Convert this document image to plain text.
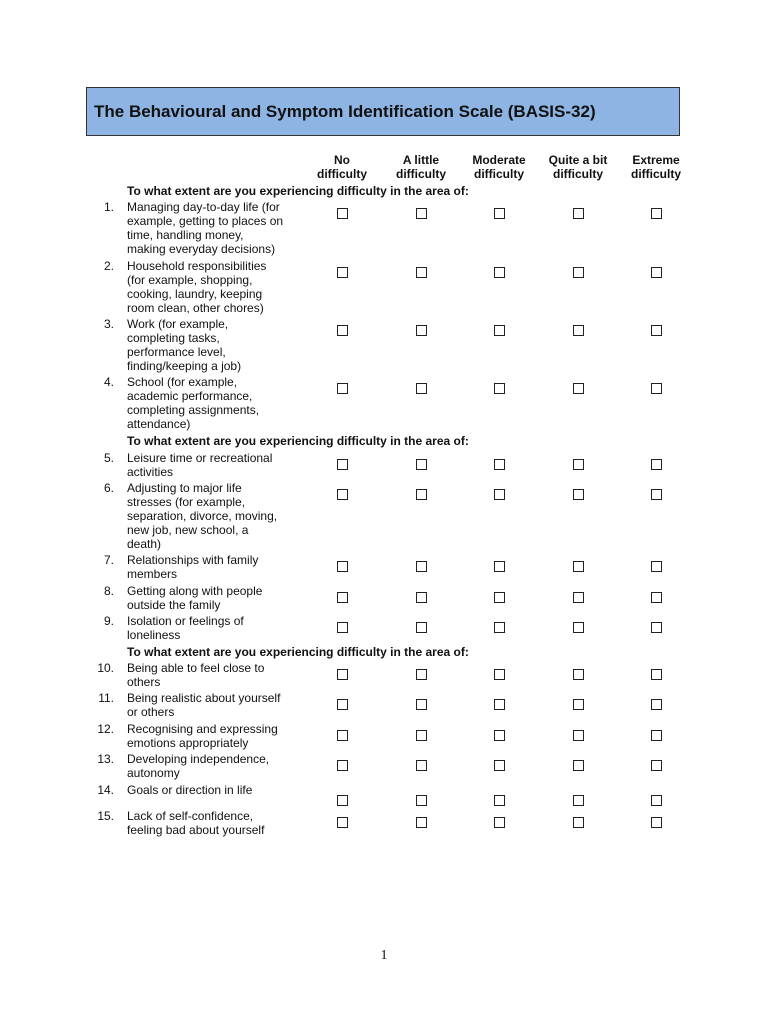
The Behavioural and Symptom Identification Scale (BASIS-32)
No
difficulty
A little
difficulty
Moderate
difficulty
Quite a bit
difficulty
Extreme
difficulty
To what extent are you experiencing difficulty in the area of:
To what extent are you experiencing difficulty in the area of:
To what extent are you experiencing difficulty in the area of:
1. Managing day-to-day life (for
example, getting to places on
time, handling money,
making everyday decisions)
2. Household responsibilities
(for example, shopping,
cooking, laundry, keeping
room clean, other chores)
3. Work (for example,
completing tasks,
performance level,
finding/keeping a job)
4. School (for example,
academic performance,
completing assignments,
attendance)
5. Leisure time or recreational
activities
6. Adjusting to major life
stresses (for example,
separation, divorce, moving,
new job, new school, a
death)
7. Relationships with family
members
8. Getting along with people
outside the family
9. Isolation or feelings of
loneliness
10. Being able to feel close to
others
11. Being realistic about yourself
or others
12. Recognising and expressing
emotions appropriately
13. Developing independence,
autonomy
14. Goals or direction in life
15. Lack of self-confidence,
feeling bad about yourself
1
